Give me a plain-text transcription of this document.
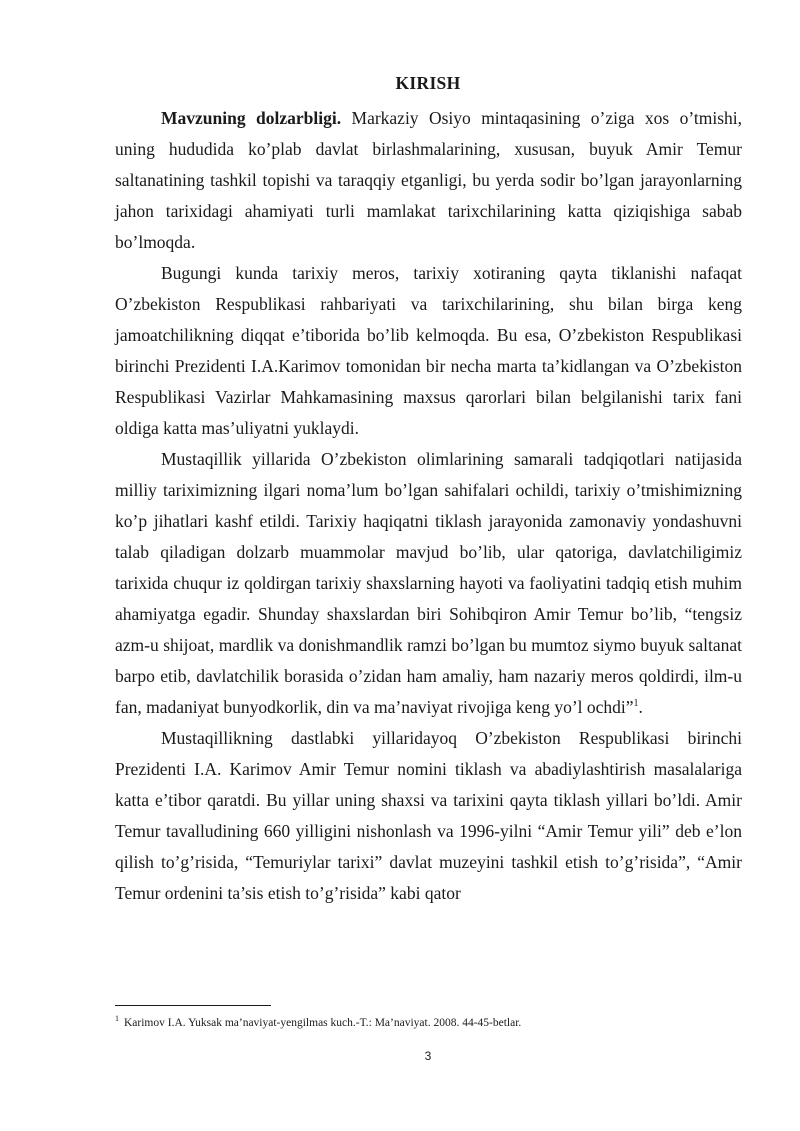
KIRISH

Mavzuning dolzarbligi. Markaziy Osiyo mintaqasining o’ziga xos o’tmishi, uning hududida ko’plab davlat birlashmalarining, xususan, buyuk Amir Temur saltanatining tashkil topishi va taraqqiy etganligi, bu yerda sodir bo’lgan jarayonlarning jahon tarixidagi ahamiyati turli mamlakat tarixchilarining katta qiziqishiga sabab bo’lmoqda.

Bugungi kunda tarixiy meros, tarixiy xotiraning qayta tiklanishi nafaqat O’zbekiston Respublikasi rahbariyati va tarixchilarining, shu bilan birga keng jamoatchilikning diqqat e’tiborida bo’lib kelmoqda. Bu esa, O’zbekiston Respublikasi birinchi Prezidenti I.A.Karimov tomonidan bir necha marta ta’kidlangan va O’zbekiston Respublikasi Vazirlar Mahkamasining maxsus qarorlari bilan belgilanishi tarix fani oldiga katta mas’uliyatni yuklaydi.

Mustaqillik yillarida O’zbekiston olimlarining samarali tadqiqotlari natijasida milliy tariximizning ilgari noma’lum bo’lgan sahifalari ochildi, tarixiy o’tmishimizning ko’p jihatlari kashf etildi. Tarixiy haqiqatni tiklash jarayonida zamonaviy yondashuvni talab qiladigan dolzarb muammolar mavjud bo’lib, ular qatoriga, davlatchiligimiz tarixida chuqur iz qoldirgan tarixiy shaxslarning hayoti va faoliyatini tadqiq etish muhim ahamiyatga egadir. Shunday shaxslardan biri Sohibqiron Amir Temur bo’lib, “tengsiz azm-u shijoat, mardlik va donishmandlik ramzi bo’lgan bu mumtoz siymo buyuk saltanat barpo etib, davlatchilik borasida o’zidan ham amaliy, ham nazariy meros qoldirdi, ilm-u fan, madaniyat bunyodkorlik, din va ma’naviyat rivojiga keng yo’l ochdi”$^1$.

Mustaqillikning dastlabki yillaridayoq O’zbekiston Respublikasi birinchi Prezidenti I.A. Karimov Amir Temur nomini tiklash va abadiylashtirish masalalariga katta e’tibor qaratdi. Bu yillar uning shaxsi va tarixini qayta tiklash yillari bo’ldi. Amir Temur tavalludining 660 yilligini nishonlash va 1996-yilni “Amir Temur yili” deb e’lon qilish to’g’risida, “Temuriylar tarixi” davlat muzeyini tashkil etish to’g’risida”, “Amir Temur ordenini ta’sis etish to’g’risida” kabi qator

$^1$ Karimov I.A. Yuksak ma’naviyat-yengilmas kuch.-T.: Ma’naviyat. 2008. 44-45-betlar.
3
